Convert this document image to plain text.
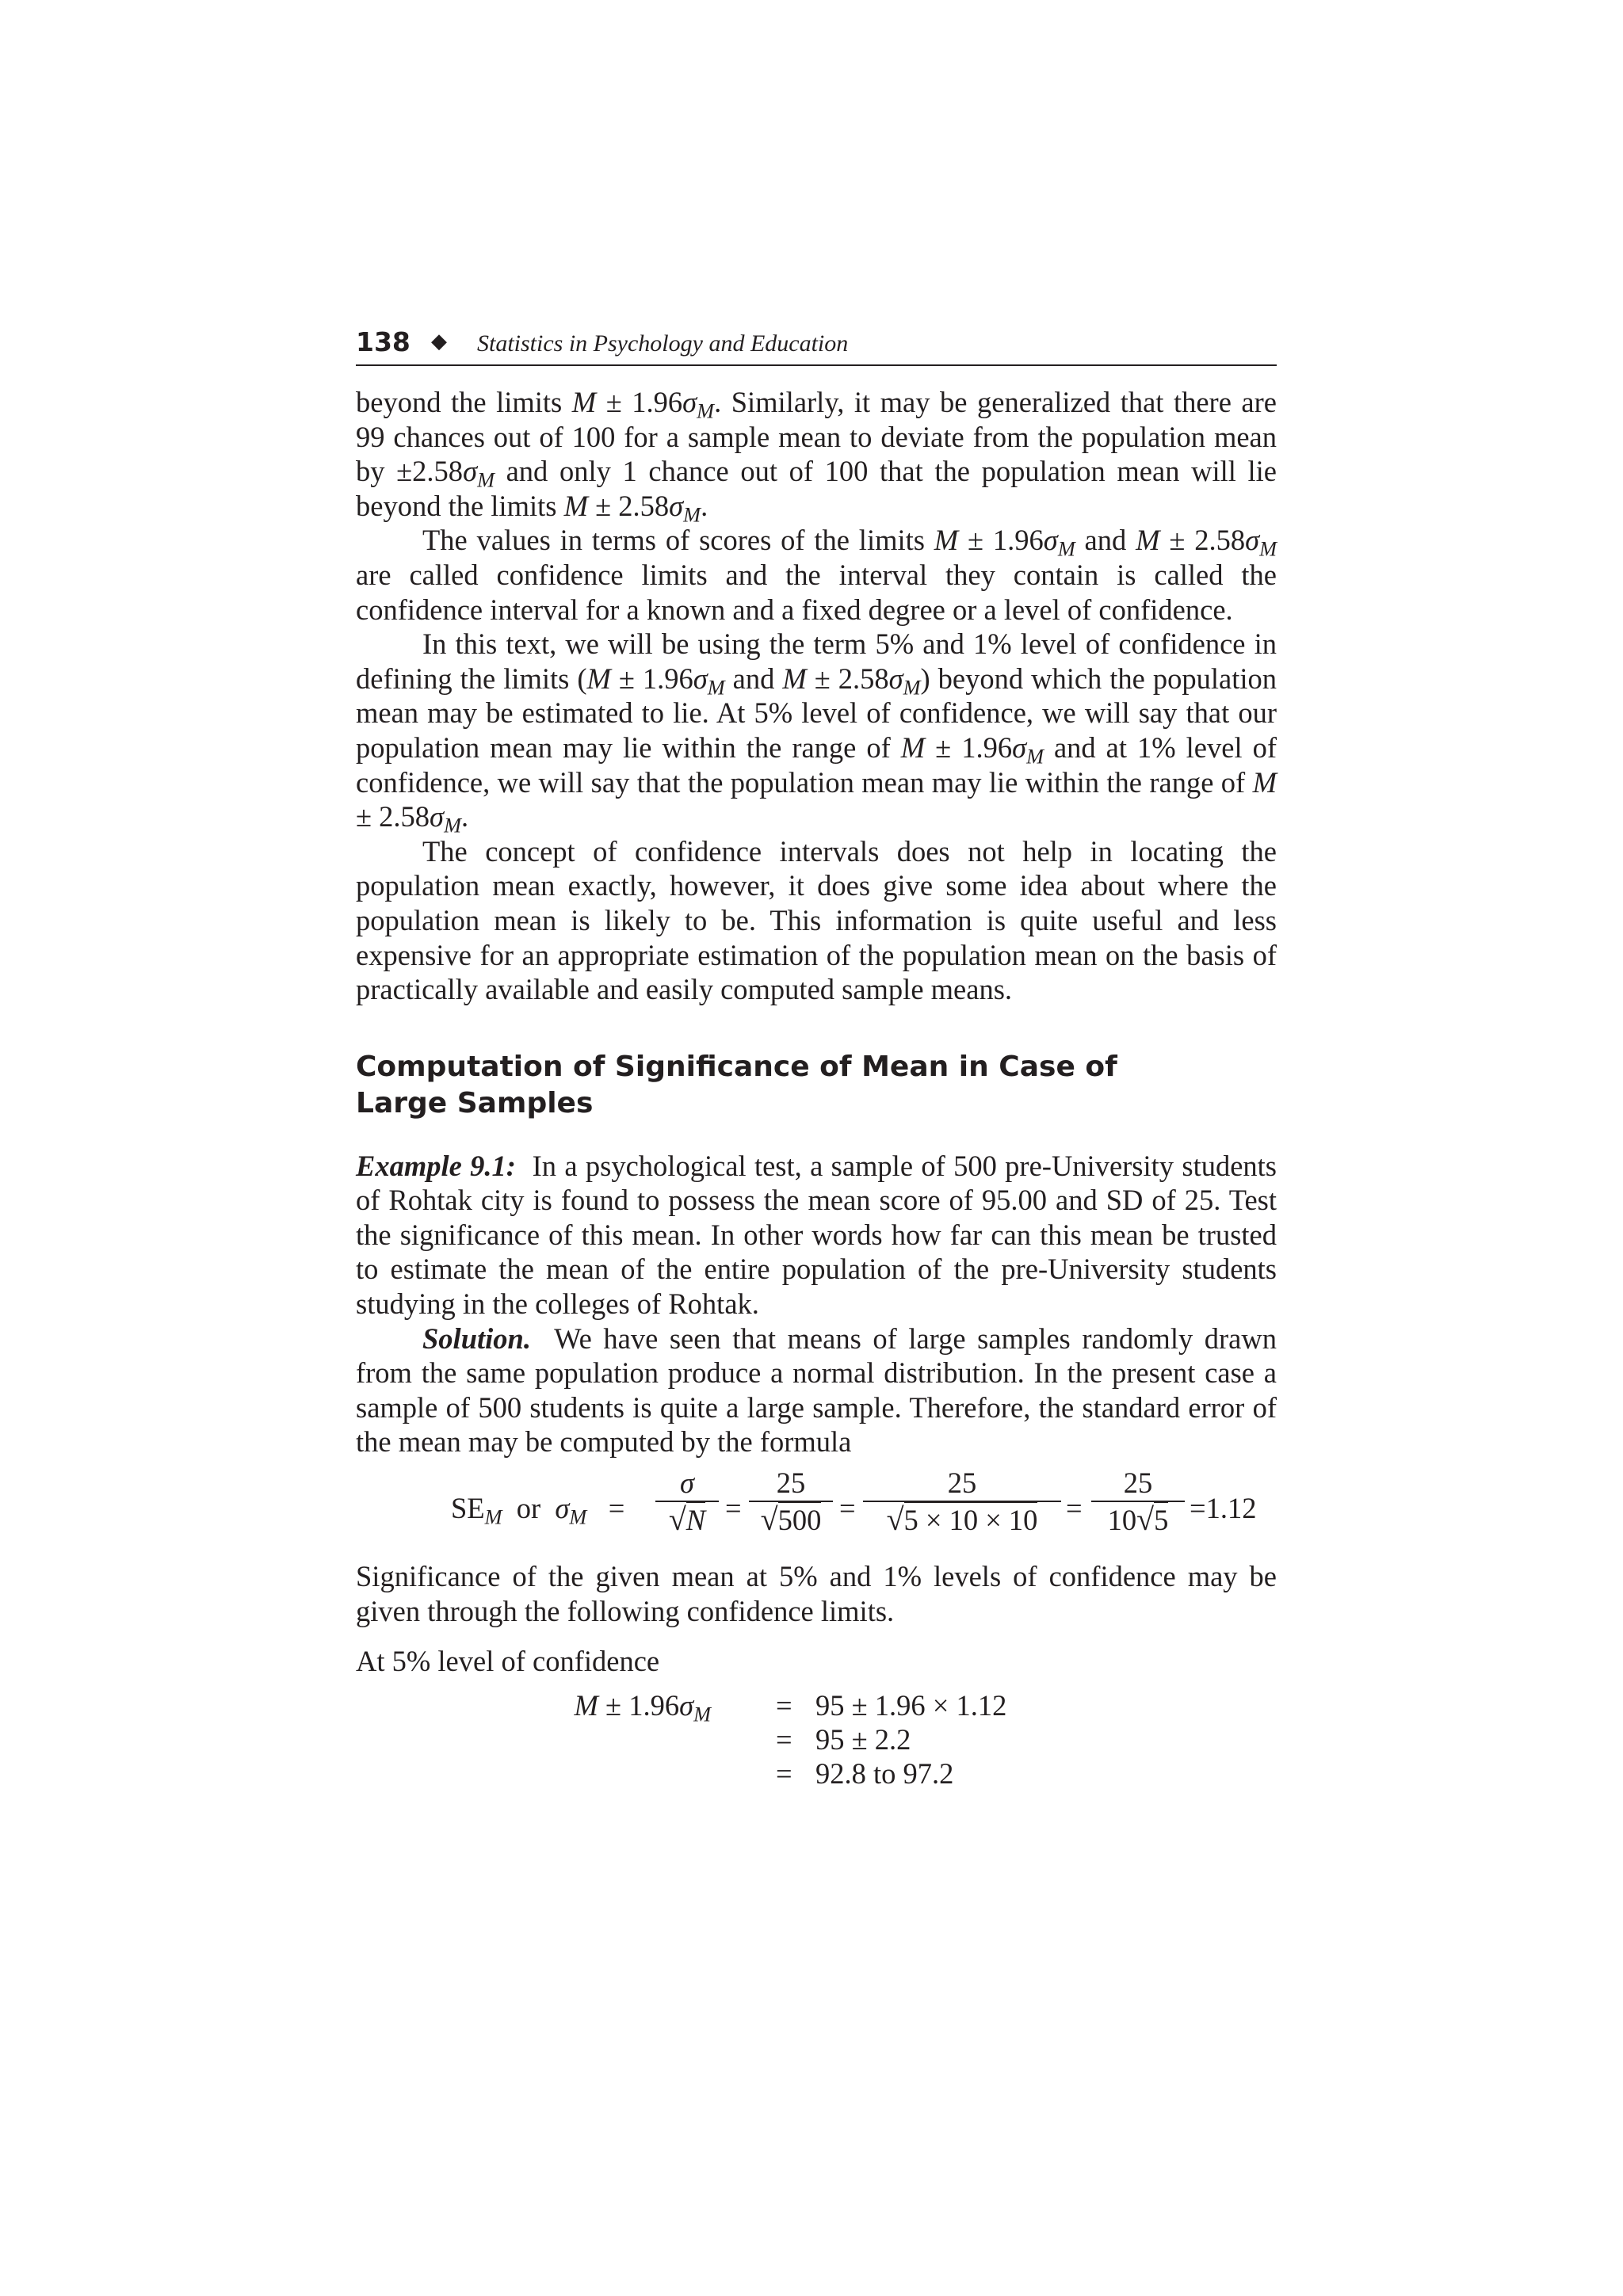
138 ◆ Statistics in Psychology and Education

beyond the limits $M \pm 1.96\sigma_M$. Similarly, it may be generalized that there are 99 chances out of 100 for a sample mean to deviate from the population mean by $\pm 2.58\sigma_M$ and only 1 chance out of 100 that the population mean will lie beyond the limits $M \pm 2.58\sigma_M$.

The values in terms of scores of the limits $M \pm 1.96\sigma_M$ and $M \pm 2.58\sigma_M$ are called confidence limits and the interval they contain is called the confidence interval for a known and a fixed degree or a level of confidence.

In this text, we will be using the term 5% and 1% level of confidence in defining the limits ($M \pm 1.96\sigma_M$ and $M \pm 2.58\sigma_M$) beyond which the population mean may be estimated to lie. At 5% level of confidence, we will say that our population mean may lie within the range of $M \pm 1.96\sigma_M$ and at 1% level of confidence, we will say that the population mean may lie within the range of $M \pm 2.58\sigma_M$.

The concept of confidence intervals does not help in locating the population mean exactly, however, it does give some idea about where the population mean is likely to be. This information is quite useful and less expensive for an appropriate estimation of the population mean on the basis of practically available and easily computed sample means.

Computation of Significance of Mean in Case of Large Samples

Example 9.1: In a psychological test, a sample of 500 pre-University students of Rohtak city is found to possess the mean score of 95.00 and SD of 25. Test the significance of this mean. In other words how far can this mean be trusted to estimate the mean of the entire population of the pre-University students studying in the colleges of Rohtak.

Solution. We have seen that means of large samples randomly drawn from the same population produce a normal distribution. In the present case a sample of 500 students is quite a large sample. Therefore, the standard error of the mean may be computed by the formula

$SE_M$ or $\sigma_M$ =
σ
√N =
25
√500 =
25
√5 × 10 × 10 =
25
10√5 =1.12

Significance of the given mean at 5% and 1% levels of confidence may be given through the following confidence limits.

At 5% level of confidence

$M \pm 1.96\sigma_M = 95 \pm 1.96 \times 1.12$
= 95 ± 2.2
= 92.8 to 97.2
